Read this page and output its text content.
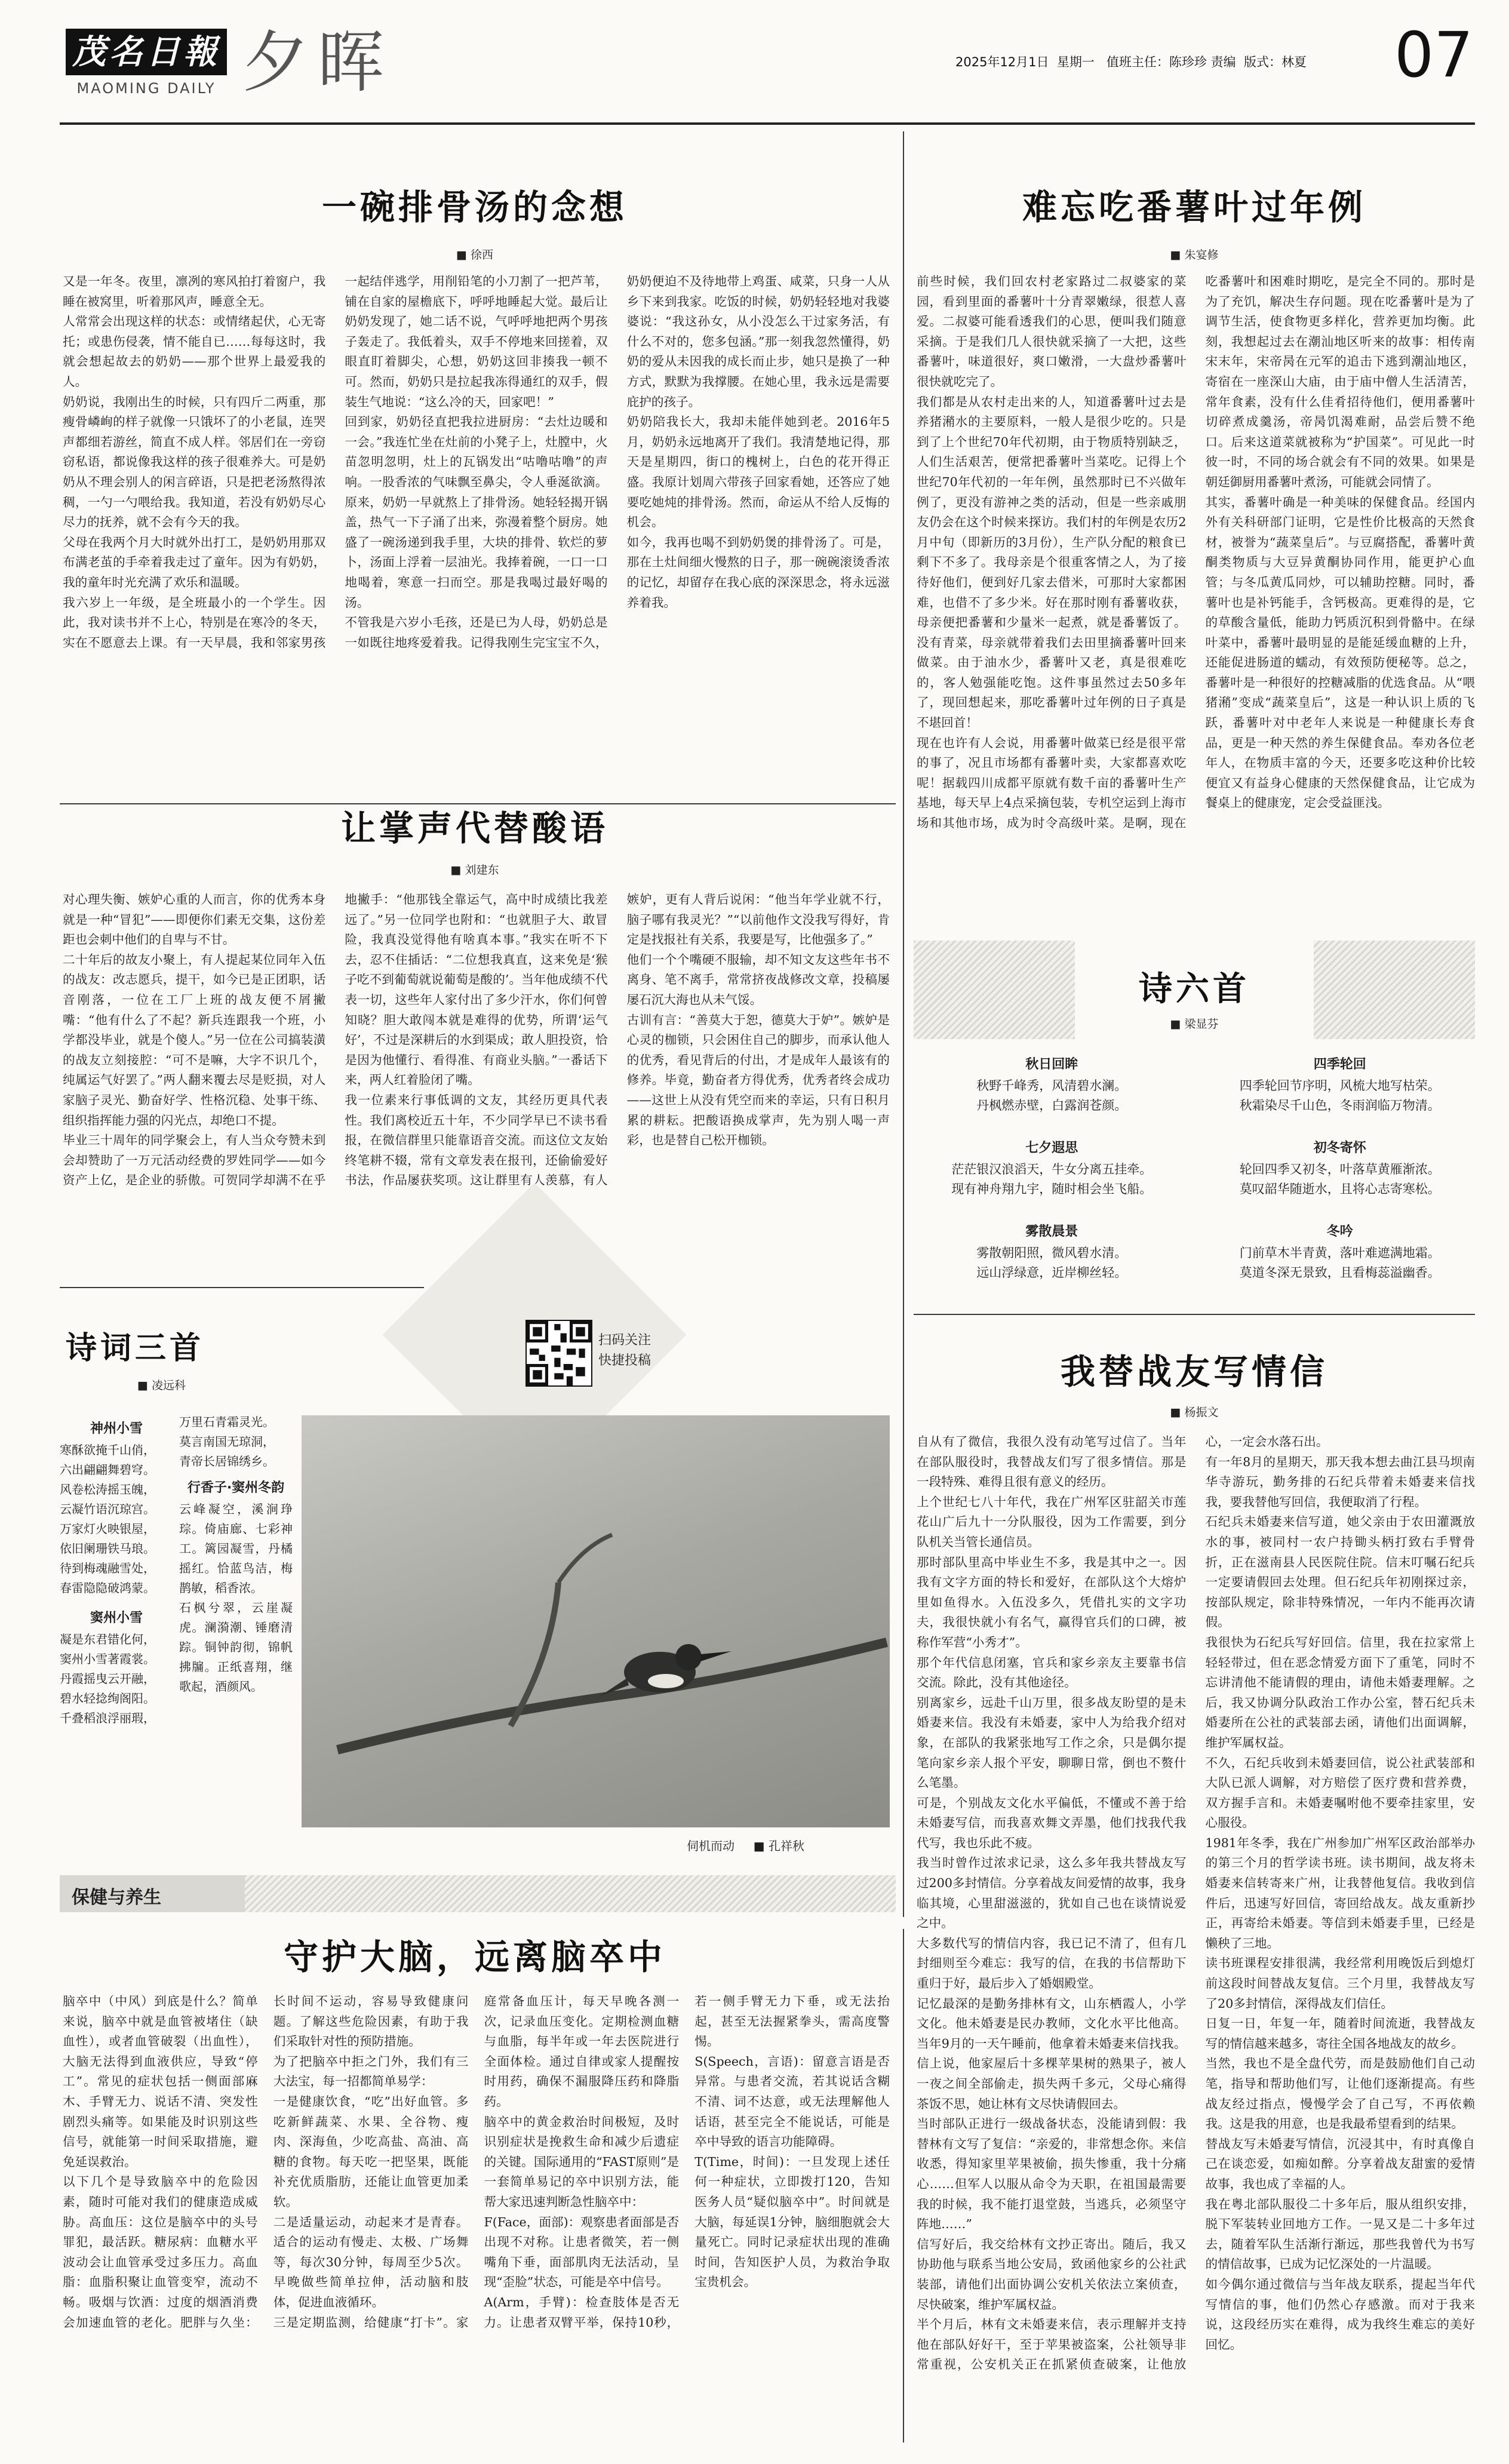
茂名日報
MAOMING DAILY 夕晖	2025年12月1日 星期一 值班主任：陈珍珍 责编 版式：林夏 07
一碗排骨汤的念想
■ 徐西
又是一年冬。夜里，凛冽的寒风拍打着窗户，我睡在被窝里，听着那风声，睡意全无。
人常常会出现这样的状态：或情绪起伏，心无寄托；或患伤侵袭，情不能自已……每每这时，我就会想起故去的奶奶——那个世界上最爱我的人。
奶奶说，我刚出生的时候，只有四斤二两重，那瘦骨嶙峋的样子就像一只饿坏了的小老鼠，连哭声都细若游丝，简直不成人样。邻居们在一旁窃窃私语，都说像我这样的孩子很难养大。可是奶奶从不理会别人的闲言碎语，只是把老汤熬得浓稠，一勺一勺喂给我。我知道，若没有奶奶尽心尽力的抚养，就不会有今天的我。
父母在我两个月大时就外出打工，是奶奶用那双布满老茧的手牵着我走过了童年。因为有奶奶，我的童年时光充满了欢乐和温暖。
我六岁上一年级，是全班最小的一个学生。因此，我对读书并不上心，特别是在寒冷的冬天，实在不愿意去上课。有一天早晨，我和邻家男孩一起结伴逃学，用削铅笔的小刀割了一把芦苇，铺在自家的屋檐底下，呼呼地睡起大觉。最后让奶奶发现了，她二话不说，气呼呼地把两个男孩子轰走了。我低着头，双手不停地来回搓着，双眼直盯着脚尖，心想，奶奶这回非揍我一顿不可。然而，奶奶只是拉起我冻得通红的双手，假装生气地说：“这么冷的天，回家吧！”
回到家，奶奶径直把我拉进厨房：“去灶边暖和一会。”我连忙坐在灶前的小凳子上，灶膛中，火苗忽明忽明，灶上的瓦锅发出“咕噜咕噜”的声响。一股香浓的气味飘至鼻尖，令人垂涎欲滴。原来，奶奶一早就熬上了排骨汤。她轻轻揭开锅盖，热气一下子涌了出来，弥漫着整个厨房。她盛了一碗汤递到我手里，大块的排骨、软烂的萝卜，汤面上浮着一层油光。我捧着碗，一口一口地喝着，寒意一扫而空。那是我喝过最好喝的汤。
不管我是六岁小毛孩，还是已为人母，奶奶总是一如既往地疼爱着我。记得我刚生完宝宝不久，奶奶便迫不及待地带上鸡蛋、咸菜，只身一人从乡下来到我家。吃饭的时候，奶奶轻轻地对我婆婆说：“我这孙女，从小没怎么干过家务活，有什么不对的，您多包涵。”那一刻我忽然懂得，奶奶的爱从未因我的成长而止步，她只是换了一种方式，默默为我撑腰。在她心里，我永远是需要庇护的孩子。
奶奶陪我长大，我却未能伴她到老。2016年5月，奶奶永远地离开了我们。我清楚地记得，那天是星期四，街口的槐树上，白色的花开得正盛。我原计划周六带孩子回家看她，还答应了她要吃她炖的排骨汤。然而，命运从不给人反悔的机会。
如今，我再也喝不到奶奶煲的排骨汤了。可是，那在土灶间细火慢熬的日子，那一碗碗滚烫香浓的记忆，却留存在我心底的深深思念，将永远滋养着我。
让掌声代替酸语
■ 刘建东
对心理失衡、嫉妒心重的人而言，你的优秀本身就是一种“冒犯”——即便你们素无交集，这份差距也会刺中他们的自卑与不甘。
二十年后的故友小聚上，有人提起某位同年入伍的战友：改志愿兵，提干，如今已是正团职，话音刚落，一位在工厂上班的战友便不屑撇嘴：“他有什么了不起？新兵连跟我一个班，小学都没毕业，就是个傻人。”另一位在公司搞装潢的战友立刻接腔：“可不是嘛，大字不识几个，纯属运气好罢了。”两人翻来覆去尽是贬损，对人家脑子灵光、勤奋好学、性格沉稳、处事干练、组织指挥能力强的闪光点，却绝口不提。
毕业三十周年的同学聚会上，有人当众夸赞未到会却赞助了一万元活动经费的罗姓同学——如今资产上亿，是企业的骄傲。可贺同学却满不在乎地撇手：“他那钱全靠运气，高中时成绩比我差远了。”另一位同学也附和：“也就胆子大、敢冒险，我真没觉得他有啥真本事。”我实在听不下去，忍不住插话：“二位想我真直，这来免是‘猴子吃不到葡萄就说葡萄是酸的’。当年他成绩不代表一切，这些年人家付出了多少汗水，你们何曾知晓？胆大敢闯本就是难得的优势，所谓‘运气好’，不过是深耕后的水到渠成；敢人胆投资，恰是因为他懂行、看得准、有商业头脑。”一番话下来，两人红着脸闭了嘴。
我一位素来行事低调的文友，其经历更具代表性。我们离校近五十年，不少同学早已不读书看报，在微信群里只能靠语音交流。而这位文友始终笔耕不辍，常有文章发表在报刊，还偷偷爱好书法，作品屡获奖项。这让群里有人羡慕，有人嫉妒，更有人背后说闲：“他当年学业就不行，脑子哪有我灵光？”“以前他作文没我写得好，肯定是找报社有关系，我要是写，比他强多了。”
他们一个个嘴硬不服输，却不知文友这些年书不离身、笔不离手，常常挤夜战修改文章，投稿屡屡石沉大海也从未气馁。
古训有言：“善莫大于恕，德莫大于妒”。嫉妒是心灵的枷锁，只会困住自己的脚步，而承认他人的优秀，看见背后的付出，才是成年人最该有的修养。毕竟，勤奋者方得优秀，优秀者终会成功——这世上从没有凭空而来的幸运，只有日积月累的耕耘。把酸语换成掌声，先为别人喝一声彩，也是替自己松开枷锁。
扫码关注
快捷投稿
诗词三首
■ 凌远科
神州小雪
寒酥欲掩千山俏，
六出翩翩舞碧穹。
风卷松涛摇玉魄，
云凝竹语沉琼宫。
万家灯火映银屋，
依旧阑珊铁马琅。
待到梅魂融雪处，
春雷隐隐破鸿蒙。
窦州小雪
凝是东君错化何，
窦州小雪著霞裳。
丹霞摇曳云开融，
碧水轻捻绚阁阳。
千叠稻浪浮丽瑕，
万里石青霜灵光。
莫言南国无琼洞，
青帝长居锦绣乡。
行香子·窦州冬韵
云峰凝空，溪涧琤琮。倚庙廊、七彩神工。篱园凝雪，丹橘摇红。恰蓝鸟洁，梅鹊敏，稻香浓。
石枫兮翠，云崖凝虎。澜漪潮、锤磨清踪。铜钟韵彻，锦帆拂牖。正纸喜翔，继歌起，酒颜风。
伺机而动 ■ 孔祥秋
保健与养生
守护大脑，远离脑卒中
脑卒中（中风）到底是什么？简单来说，脑卒中就是血管被堵住（缺血性），或者血管破裂（出血性），大脑无法得到血液供应，导致“停工”。常见的症状包括一侧面部麻木、手臂无力、说话不清、突发性剧烈头痛等。如果能及时识别这些信号，就能第一时间采取措施，避免延误救治。
以下几个是导致脑卒中的危险因素，随时可能对我们的健康造成威胁。高血压：这位是脑卒中的头号罪犯，最活跃。糖尿病：血糖水平波动会让血管承受过多压力。高血脂：血脂积聚让血管变窄，流动不畅。吸烟与饮酒：过度的烟酒消费会加速血管的老化。肥胖与久坐：长时间不运动，容易导致健康问题。了解这些危险因素，有助于我们采取针对性的预防措施。
为了把脑卒中拒之门外，我们有三大法宝，每一招都简单易学：
一是健康饮食，“吃”出好血管。多吃新鲜蔬菜、水果、全谷物、瘦肉、深海鱼，少吃高盐、高油、高糖的食物。每天吃一把坚果，既能补充优质脂肪，还能让血管更加柔软。
二是适量运动，动起来才是青春。适合的运动有慢走、太极、广场舞等，每次30分钟，每周至少5次。早晚做些简单拉伸，活动脑和肢体，促进血液循环。
三是定期监测，给健康“打卡”。家庭常备血压计，每天早晚各测一次，记录血压变化。定期检测血糖与血脂，每半年或一年去医院进行全面体检。通过自律或家人提醒按时用药，确保不漏服降压药和降脂药。
脑卒中的黄金救治时间极短，及时识别症状是挽救生命和减少后遗症的关键。国际通用的“FAST原则”是一套简单易记的卒中识别方法，能帮大家迅速判断急性脑卒中：
F(Face，面部)：观察患者面部是否出现不对称。让患者微笑，若一侧嘴角下垂，面部肌肉无法活动，呈现“歪脸”状态，可能是卒中信号。
A(Arm，手臂)：检查肢体是否无力。让患者双臂平举，保持10秒，若一侧手臂无力下垂，或无法抬起，甚至无法握紧拳头，需高度警惕。
S(Speech，言语)：留意言语是否异常。与患者交流，若其说话含糊不清、词不达意，或无法理解他人话语，甚至完全不能说话，可能是卒中导致的语言功能障碍。
T(Time，时间)：一旦发现上述任何一种症状，立即拨打120，告知医务人员“疑似脑卒中”。时间就是大脑，每延误1分钟，脑细胞就会大量死亡。同时记录症状出现的准确时间，告知医护人员，为救治争取宝贵机会。
难忘吃番薯叶过年例
■ 朱宴修
前些时候，我们回农村老家路过二叔婆家的菜园，看到里面的番薯叶十分青翠嫩绿，很惹人喜爱。二叔婆可能看透我们的心思，便叫我们随意采摘。于是我们几人很快就采摘了一大把，这些番薯叶，味道很好，爽口嫩滑，一大盘炒番薯叶很快就吃完了。
我们都是从农村走出来的人，知道番薯叶过去是养猪潲水的主要原料，一般人是很少吃的。只是到了上个世纪70年代初期，由于物质特别缺乏，人们生活艰苦，便常把番薯叶当菜吃。记得上个世纪70年代初的一年年例，虽然那时已不兴做年例了，更没有游神之类的活动，但是一些亲戚朋友仍会在这个时候来探访。我们村的年例是农历2月中旬（即新历的3月份），生产队分配的粮食已剩下不多了。我母亲是个很重客情之人，为了接待好他们，便到好几家去借米，可那时大家都困难，也借不了多少米。好在那时刚有番薯收获，母亲便把番薯和少量米一起煮，就是番薯饭了。没有青菜，母亲就带着我们去田里摘番薯叶回来做菜。由于油水少，番薯叶又老，真是很难吃的，客人勉强能吃饱。这件事虽然过去50多年了，现回想起来，那吃番薯叶过年例的日子真是不堪回首！
现在也许有人会说，用番薯叶做菜已经是很平常的事了，况且市场都有番薯叶卖，大家都喜欢吃呢！据载四川成都平原就有数千亩的番薯叶生产基地，每天早上4点采摘包装，专机空运到上海市场和其他市场，成为时令高级叶菜。是啊，现在吃番薯叶和困难时期吃，是完全不同的。那时是为了充饥，解决生存问题。现在吃番薯叶是为了调节生活，使食物更多样化，营养更加均衡。此刻，我想起过去在潮汕地区听来的故事：相传南宋末年，宋帝昺在元军的追击下逃到潮汕地区，寄宿在一座深山大庙，由于庙中僧人生活清苦，常年食素，没有什么佳肴招待他们，便用番薯叶切碎煮成羹汤，帝昺饥渴难耐，品尝后赞不绝口。后来这道菜就被称为“护国菜”。可见此一时彼一时，不同的场合就会有不同的效果。如果是朝廷御厨用番薯叶煮汤，可能就会同情了。
其实，番薯叶确是一种美味的保健食品。经国内外有关科研部门证明，它是性价比极高的天然食材，被誉为“蔬菜皇后”。与豆腐搭配，番薯叶黄酮类物质与大豆异黄酮协同作用，能更护心血管；与冬瓜黄瓜同炒，可以辅助控糖。同时，番薯叶也是补钙能手，含钙极高。更难得的是，它的草酸含量低，能助力钙质沉积到骨骼中。在绿叶菜中，番薯叶最明显的是能延缓血糖的上升，还能促进肠道的蠕动，有效预防便秘等。总之，番薯叶是一种很好的控糖减脂的优选食品。从“喂猪潲”变成“蔬菜皇后”，这是一种认识上质的飞跃，番薯叶对中老年人来说是一种健康长寿食品，更是一种天然的养生保健食品。奉劝各位老年人，在物质丰富的今天，还要多吃这种价比较便宜又有益身心健康的天然保健食品，让它成为餐桌上的健康宠，定会受益匪浅。
诗六首
■ 梁显芬
秋日回眸
秋野千峰秀，风清碧水澜。
丹枫燃赤壁，白露润苍颜。
四季轮回
四季轮回节序明，风梳大地写枯荣。
秋霜染尽千山色，冬雨润临万物清。
七夕遐思
茫茫银汉浪滔天，牛女分离五挂牵。
现有神舟翔九宇，随时相会坐飞船。
初冬寄怀
轮回四季又初冬，叶落草黄雁渐浓。
莫叹韶华随逝水，且将心志寄寒松。
雾散晨景
雾散朝阳照，微风碧水清。
远山浮绿意，近岸柳丝轻。
冬吟
门前草木半青黄，落叶难遮满地霜。
莫道冬深无景致，且看梅蕊溢幽香。
我替战友写情信
■ 杨振文
自从有了微信，我很久没有动笔写过信了。当年在部队服役时，我替战友们写了很多情信。那是一段特殊、难得且很有意义的经历。
上个世纪七八十年代，我在广州军区驻韶关市莲花山广后九十一分队服役，因为工作需要，到分队机关当管长通信员。
那时部队里高中毕业生不多，我是其中之一。因我有文字方面的特长和爱好，在部队这个大熔炉里如鱼得水。入伍没多久，凭借扎实的文字功夫，我很快就小有名气，赢得官兵们的口碑，被称作军营“小秀才”。
那个年代信息闭塞，官兵和家乡亲友主要靠书信交流。除此，没有其他途径。
别离家乡，远赴千山万里，很多战友盼望的是未婚妻来信。我没有未婚妻，家中人为给我介绍对象，在部队的我紧张地写工作之余，只是偶尔提笔向家乡亲人报个平安，聊聊日常，倒也不赘什么笔墨。
可是，个别战友文化水平偏低，不懂或不善于给未婚妻写信，而我喜欢舞文弄墨，他们找我代我代写，我也乐此不疲。
我当时曾作过浓求记录，这么多年我共替战友写过200多封情信。分享着战友间爱情的故事，我身临其境，心里甜滋滋的，犹如自己也在谈情说爱之中。
大多数代写的情信内容，我已记不清了，但有几封细则至今难忘：我写的信，在我的书信帮助下重归于好，最后步入了婚姻殿堂。
记忆最深的是勤务排林有文，山东栖霞人，小学文化。他未婚妻是民办教师，文化水平比他高。当年9月的一天午睡前，他拿着未婚妻来信找我。信上说，他家屋后十多棵苹果树的熟果子，被人一夜之间全部偷走，损失两千多元，父母心痛得茶饭不思，她让林有文尽快请假回去。
当时部队正进行一级战备状态，没能请到假：我替林有文写了复信：“亲爱的，非常想念你。来信收悉，得知家里苹果被偷，损失惨重，我十分痛心……但军人以服从命令为天职，在祖国最需要我的时候，我不能打退堂鼓，当逃兵，必须坚守阵地……”
信写好后，我交给林有文抄正寄出。随后，我又协助他与联系当地公安局，致函他家乡的公社武装部，请他们出面协调公安机关依法立案侦查，尽快破案，维护军属权益。
半个月后，林有文未婚妻来信，表示理解并支持他在部队好好干，至于苹果被盗案，公社领导非常重视，公安机关正在抓紧侦查破案，让他放心，一定会水落石出。
有一年8月的星期天，那天我本想去曲江县马坝南华寺游玩，勤务排的石纪兵带着未婚妻来信找我，要我替他写回信，我便取消了行程。
石纪兵未婚妻来信写道，她父亲由于农田灌溉放水的事，被同村一农户持锄头柄打致右手臂骨折，正在滋南县人民医院住院。信末叮嘱石纪兵一定要请假回去处理。但石纪兵年初刚探过亲，按部队规定，除非特殊情况，一年内不能再次请假。
我很快为石纪兵写好回信。信里，我在拉家常上轻轻带过，但在恶念情爱方面下了重笔，同时不忘讲清他不能请假的理由，请他未婚妻理解。之后，我又协调分队政治工作办公室，替石纪兵未婚妻所在公社的武装部去函，请他们出面调解，维护军属权益。
不久，石纪兵收到未婚妻回信，说公社武装部和大队已派人调解，对方赔偿了医疗费和营养费，双方握手言和。未婚妻嘱咐他不要牵挂家里，安心服役。
1981年冬季，我在广州参加广州军区政治部举办的第三个月的哲学读书班。读书期间，战友将未婚妻来信转寄来广州，让我替他复信。我收到信件后，迅速写好回信，寄回给战友。战友重新抄正，再寄给未婚妻。等信到未婚妻手里，已经是懒秧了三地。
读书班课程安排很满，我经常利用晚饭后到熄灯前这段时间替战友复信。三个月里，我替战友写了20多封情信，深得战友们信任。
日复一日，年复一年，随着时间流逝，我替战友写的情信越来越多，寄往全国各地战友的故乡。
当然，我也不是全盘代劳，而是鼓励他们自己动笔，指导和帮助他们写，让他们逐渐提高。有些战友经过指点，慢慢学会了自己写，不再依赖我。这是我的用意，也是我最希望看到的结果。
替战友写未婚妻写情信，沉浸其中，有时真像自己在谈恋爱，如痴如醉。分享着战友甜蜜的爱情故事，我也成了幸福的人。
我在粤北部队服役二十多年后，服从组织安排，脱下军装转业回地方工作。一晃又是二十多年过去，随着军队生活渐行渐远，那些我曾代为书写的情信故事，已成为记忆深处的一片温暖。
如今偶尔通过微信与当年战友联系，提起当年代写情信的事，他们仍然心存感激。而对于我来说，这段经历实在难得，成为我终生难忘的美好回忆。
